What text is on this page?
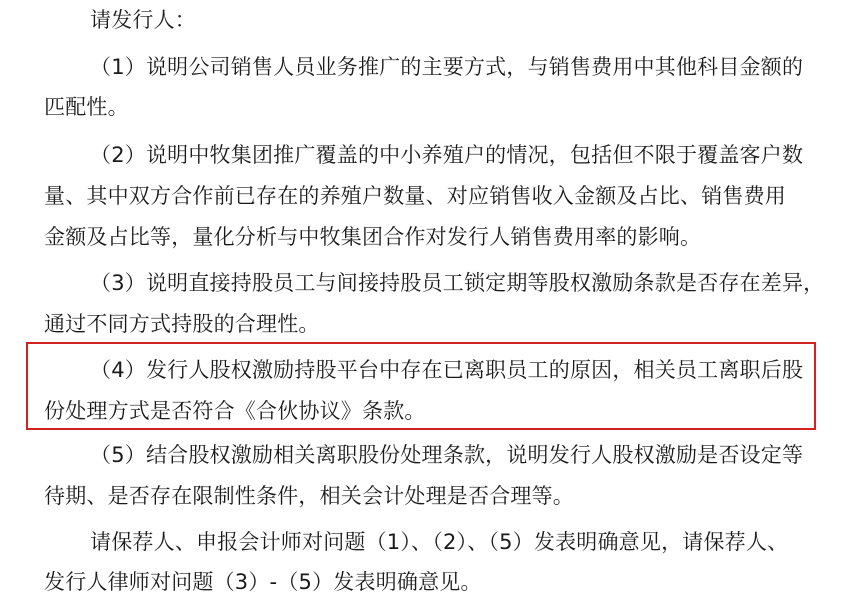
请发行人：
（1）说明公司销售人员业务推广的主要方式，与销售费用中其他科目金额的
匹配性。
（2）说明中牧集团推广覆盖的中小养殖户的情况，包括但不限于覆盖客户数
量、其中双方合作前已存在的养殖户数量、对应销售收入金额及占比、销售费用
金额及占比等，量化分析与中牧集团合作对发行人销售费用率的影响。
（3）说明直接持股员工与间接持股员工锁定期等股权激励条款是否存在差异，
通过不同方式持股的合理性。
（4）发行人股权激励持股平台中存在已离职员工的原因，相关员工离职后股
份处理方式是否符合《合伙协议》条款。
（5）结合股权激励相关离职股份处理条款，说明发行人股权激励是否设定等
待期、是否存在限制性条件，相关会计处理是否合理等。
请保荐人、申报会计师对问题（1）、（2）、（5）发表明确意见，请保荐人、
发行人律师对问题（3）-（5）发表明确意见。
